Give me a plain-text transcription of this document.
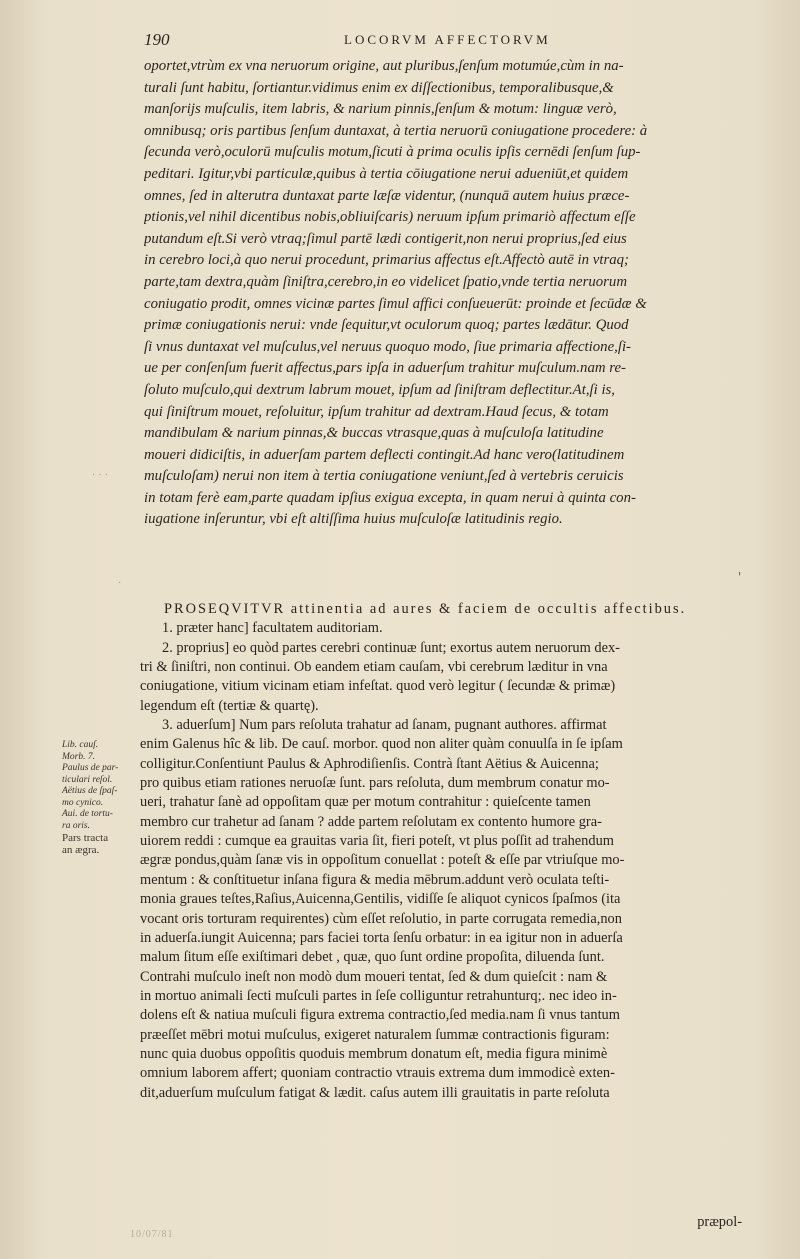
190	LOCORVM AFFECTORVM
oportet,vtrùm ex vna neruorum origine, aut pluribus,ſenſum motumúe,cùm in na-
turali ſunt habitu, ſortiantur.vidimus enim ex diſſectionibus, temporalibusque,&
manſorijs muſculis, item labris, & narium pinnis,ſenſum & motum: linguæ verò,
omnibusq; oris partibus ſenſum duntaxat, à tertia neruorū coniugatione procedere: à
ſecunda verò,oculorū muſculis motum,ſicuti à prima oculis ipſis cernēdi ſenſum ſup-
peditari. Igitur,vbi particulæ,quibus à tertia cōiugatione nerui adueniūt,et quidem
omnes, ſed in alterutra duntaxat parte læſæ videntur, (nunquā autem huius præce-
ptionis,vel nihil dicentibus nobis,obliuiſcaris) neruum ipſum primariò affectum eſſe
putandum eſt.Si verò vtraq;ſimul partē lædi contigerit,non nerui proprius,ſed eius
in cerebro loci,à quo nerui procedunt, primarius affectus eſt.Affectò autē in vtraq;
parte,tam dextra,quàm ſiniſtra,cerebro,in eo videlicet ſpatio,vnde tertia neruorum
coniugatio prodit, omnes vicinæ partes ſimul affici conſueuerūt: proinde et ſecūdæ &
primæ coniugationis nerui: vnde ſequitur,vt oculorum quoq; partes lædātur. Quod
ſi vnus duntaxat vel muſculus,vel neruus quoquo modo, ſiue primaria affectione,ſi-
ue per conſenſum fuerit affectus,pars ipſa in aduerſum trahitur muſculum.nam re-
ſoluto muſculo,qui dextrum labrum mouet, ipſum ad ſiniſtram deflectitur.At,ſi is,
qui ſiniſtrum mouet, reſoluitur, ipſum trahitur ad dextram.Haud ſecus, & totam
mandibulam & narium pinnas,& buccas vtrasque,quas à muſculoſa latitudine
moueri didiciſtis, in aduerſam partem deflecti contingit.Ad hanc vero(latitudinem
muſculoſam) nerui non item à tertia coniugatione veniunt,ſed à vertebris ceruicis
in totam ferè eam,parte quadam ipſius exigua excepta, in quam nerui à quinta con-
iugatione inſeruntur, vbi eſt altiſſima huius muſculoſæ latitudinis regio.
PROSEQVITVR attinentia ad aures & faciem de occultis affectibus.
1. præter hanc] facultatem auditoriam.
2. proprius] eo quòd partes cerebri continuæ ſunt; exortus autem neruorum dex-
tri & ſiniſtri, non continui. Ob eandem etiam cauſam, vbi cerebrum læditur in vna
coniugatione, vitium vicinam etiam infeſtat. quod verò legitur ( ſecundæ & primæ)
legendum eſt (tertiæ & quartę).
3. aduerſum] Num pars reſoluta trahatur ad ſanam, pugnant authores. affirmat
enim Galenus hîc & lib. De cauſ. morbor. quod non aliter quàm conuulſa in ſe ipſam
colligitur.Conſentiunt Paulus & Aphrodiſienſis. Contrà ſtant Aëtius & Auicenna;
pro quibus etiam rationes neruoſæ ſunt. pars reſoluta, dum membrum conatur mo-
ueri, trahatur ſanè ad oppoſitam quæ per motum contrahitur : quieſcente tamen
membro cur trahetur ad ſanam ? adde partem reſolutam ex contento humore gra-
uiorem reddi : cumque ea grauitas varia ſit, fieri poteſt, vt plus poſſit ad trahendum
ægræ pondus,quàm ſanæ vis in oppoſitum conuellat : poteſt & eſſe par vtriuſque mo-
mentum : & conſtituetur inſana figura & media mēbrum.addunt verò oculata teſti-
monia graues teſtes,Raſius,Auicenna,Gentilis, vidiſſe ſe aliquot cynicos ſpaſmos (ita
vocant oris torturam requirentes) cùm eſſet reſolutio, in parte corrugata remedia,non
in aduerſa.iungit Auicenna; pars faciei torta ſenſu orbatur: in ea igitur non in aduerſa
malum ſitum eſſe exiſtimari debet , quæ, quo ſunt ordine propoſita, diluenda ſunt.
Contrahi muſculo ineſt non modò dum moueri tentat, ſed & dum quieſcit : nam &
in mortuo animali ſecti muſculi partes in ſeſe colliguntur retrahunturq;. nec ideo in-
dolens eſt & natiua muſculi figura extrema contractio,ſed media.nam ſi vnus tantum
præeſſet mēbri motui muſculus, exigeret naturalem ſummæ contractionis figuram:
nunc quia duobus oppoſitis quoduis membrum donatum eſt, media figura minimè
omnium laborem affert; quoniam contractio vtrauis extrema dum immodicè exten-
dit,aduerſum muſculum fatigat & lædit. caſus autem illi grauitatis in parte reſoluta
Lib. cauſ.
Morb. 7.
Paulus de par-
ticulari reſol.
Aëtius de ſpaſ-
mo cynico.
Aui. de tortu-
ra oris.
Pars tracta
an ægra.
· · ·
·	'
præpol-
10/07/81
